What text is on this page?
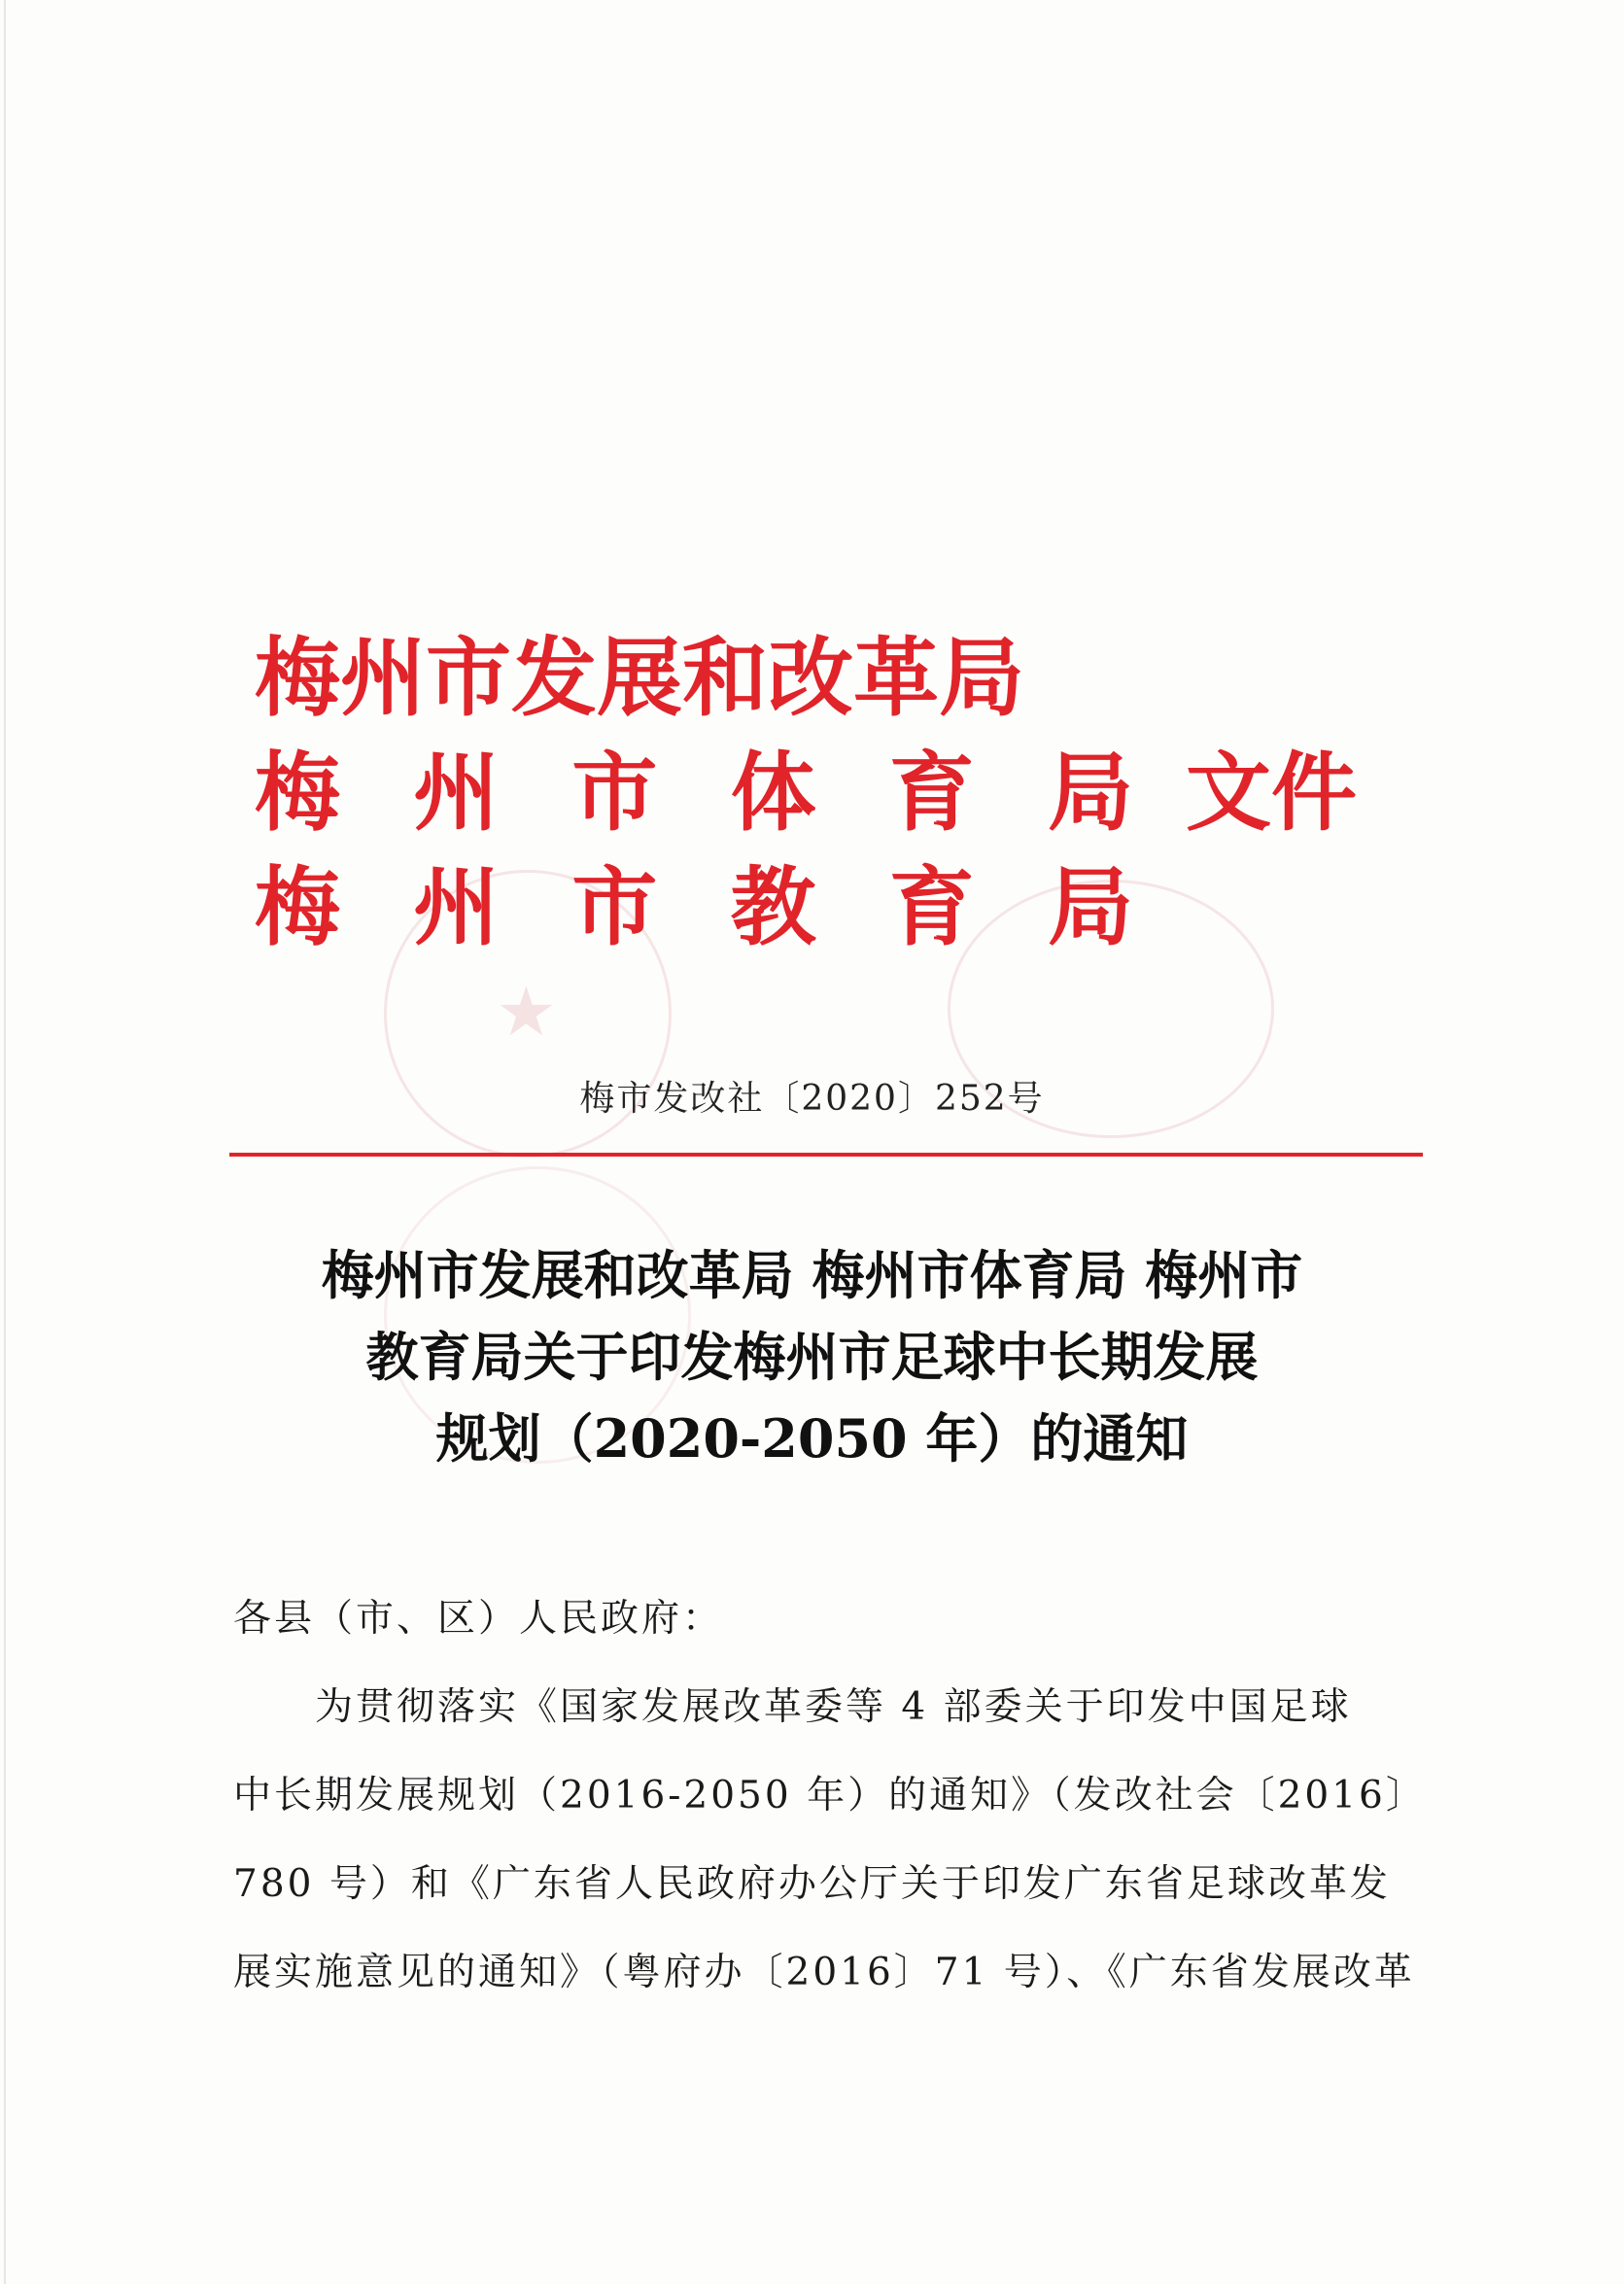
★
梅州市发展和改革局
梅 州 市 体 育 局 文件
梅 州 市 教 育 局
梅市发改社〔2020〕252号
梅州市发展和改革局 梅州市体育局 梅州市
教育局关于印发梅州市足球中长期发展
规划（2020-2050 年）的通知
各县（市、区）人民政府：
为贯彻落实《国家发展改革委等 4 部委关于印发中国足球
中长期发展规划（2016-2050 年）的通知》（发改社会〔2016〕
780 号）和《广东省人民政府办公厅关于印发广东省足球改革发
展实施意见的通知》（粤府办〔2016〕71 号）、《广东省发展改革
